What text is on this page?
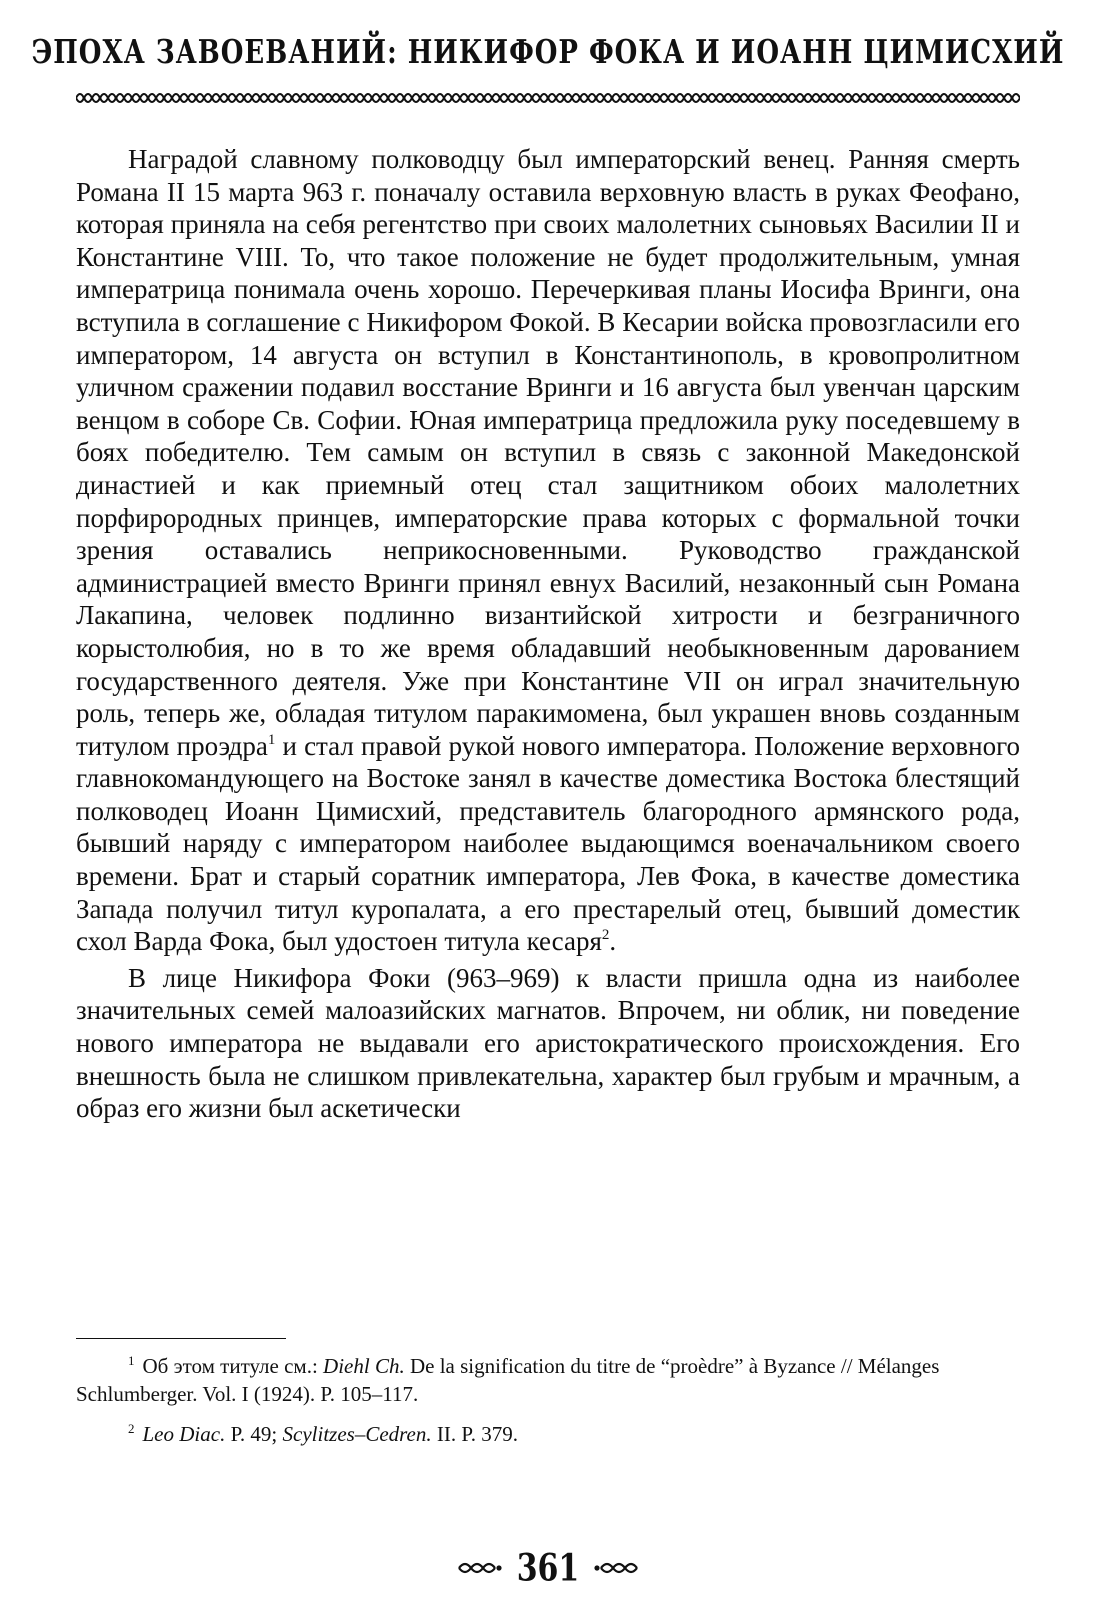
ЭПОХА ЗАВОЕВАНИЙ: НИКИФОР ФОКА И ИОАНН ЦИМИСХИЙ

Наградой славному полководцу был императорский венец. Ранняя смерть Романа II 15 марта 963 г. поначалу оставила верховную власть в руках Феофано, которая приняла на себя регентство при своих малолетних сыновьях Василии II и Константине VIII. То, что такое положение не будет продолжительным, умная императрица понимала очень хорошо. Перечеркивая планы Иосифа Вринги, она вступила в соглашение с Никифором Фокой. В Кесарии войска провозгласили его императором, 14 августа он вступил в Константинополь, в кровопролитном уличном сражении подавил восстание Вринги и 16 августа был увенчан царским венцом в соборе Св. Софии. Юная императрица предложила руку поседевшему в боях победителю. Тем самым он вступил в связь с законной Македонской династией и как приемный отец стал защитником обоих малолетних порфирородных принцев, императорские права которых с формальной точки зрения оставались неприкосновенными. Руководство гражданской администрацией вместо Вринги принял евнух Василий, незаконный сын Романа Лакапина, человек подлинно византийской хитрости и безграничного корыстолюбия, но в то же время обладавший необыкновенным дарованием государственного деятеля. Уже при Константине VII он играл значительную роль, теперь же, обладая титулом паракимомена, был украшен вновь созданным титулом проэдра$^1$ и стал правой рукой нового императора. Положение верховного главнокомандующего на Востоке занял в качестве доместика Востока блестящий полководец Иоанн Цимисхий, представитель благородного армянского рода, бывший наряду с императором наиболее выдающимся военачальником своего времени. Брат и старый соратник императора, Лев Фока, в качестве доместика Запада получил титул куропалата, а его престарелый отец, бывший доместик схол Варда Фока, был удостоен титула кесаря$^2$.

В лице Никифора Фоки (963–969) к власти пришла одна из наиболее значительных семей малоазийских магнатов. Впрочем, ни облик, ни поведение нового императора не выдавали его аристократического происхождения. Его внешность была не слишком привлекательна, характер был грубым и мрачным, а образ его жизни был аскетически

$^1$ Об этом титуле см.: Diehl Ch. De la signification du titre de “proèdre” à Byzance // Mélanges Schlumberger. Vol. I (1924). P. 105–117.

$^2$ Leo Diac. P. 49; Scylitzes–Cedren. II. P. 379.

361
